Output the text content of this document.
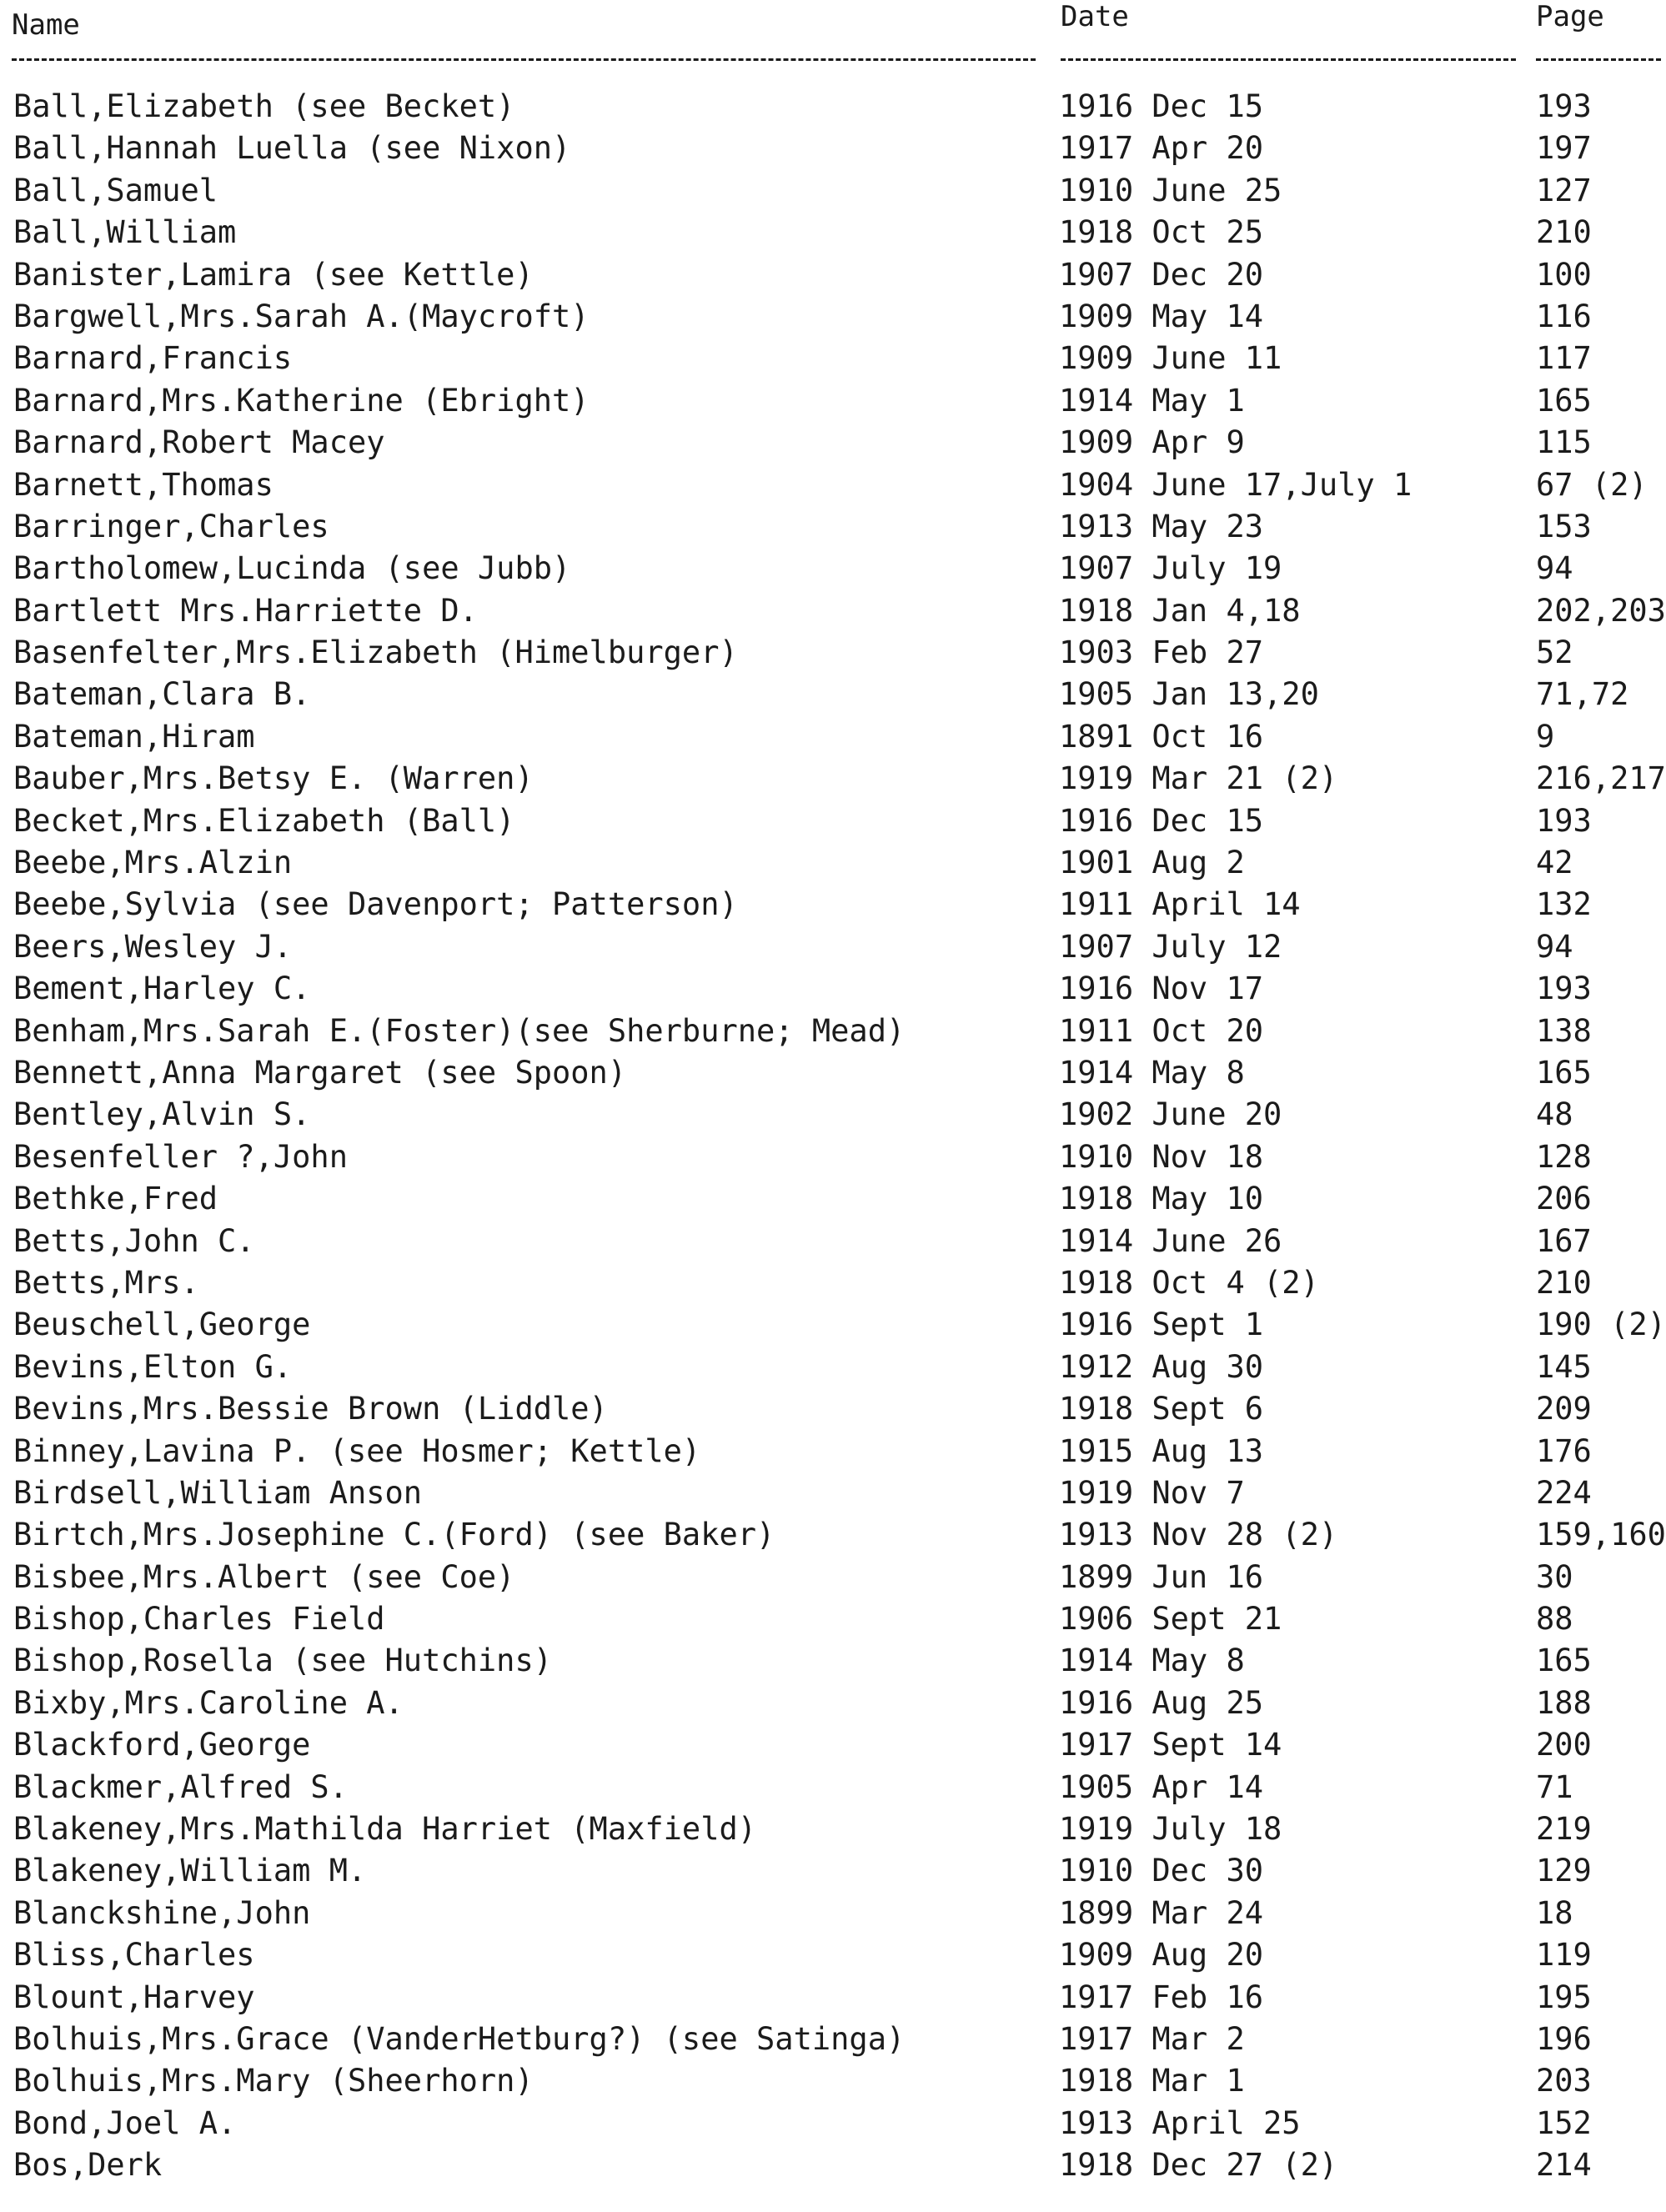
Name	Date	Page
Ball,Elizabeth (see Becket)	1916 Dec 15	193
Ball,Hannah Luella (see Nixon)	1917 Apr 20	197
Ball,Samuel	1910 June 25	127
Ball,William	1918 Oct 25	210
Banister,Lamira (see Kettle)	1907 Dec 20	100
Bargwell,Mrs.Sarah A.(Maycroft)	1909 May 14	116
Barnard,Francis	1909 June 11	117
Barnard,Mrs.Katherine (Ebright)	1914 May 1	165
Barnard,Robert Macey	1909 Apr 9	115
Barnett,Thomas	1904 June 17,July 1	67 (2)
Barringer,Charles	1913 May 23	153
Bartholomew,Lucinda (see Jubb)	1907 July 19	94
Bartlett Mrs.Harriette D.	1918 Jan 4,18	202,203
Basenfelter,Mrs.Elizabeth (Himelburger)	1903 Feb 27	52
Bateman,Clara B.	1905 Jan 13,20	71,72
Bateman,Hiram	1891 Oct 16	9
Bauber,Mrs.Betsy E. (Warren)	1919 Mar 21 (2)	216,217
Becket,Mrs.Elizabeth (Ball)	1916 Dec 15	193
Beebe,Mrs.Alzin	1901 Aug 2	42
Beebe,Sylvia (see Davenport; Patterson)	1911 April 14	132
Beers,Wesley J.	1907 July 12	94
Bement,Harley C.	1916 Nov 17	193
Benham,Mrs.Sarah E.(Foster)(see Sherburne; Mead)	1911 Oct 20	138
Bennett,Anna Margaret (see Spoon)	1914 May 8	165
Bentley,Alvin S.	1902 June 20	48
Besenfeller ?,John	1910 Nov 18	128
Bethke,Fred	1918 May 10	206
Betts,John C.	1914 June 26	167
Betts,Mrs.	1918 Oct 4 (2)	210
Beuschell,George	1916 Sept 1	190 (2)
Bevins,Elton G.	1912 Aug 30	145
Bevins,Mrs.Bessie Brown (Liddle)	1918 Sept 6	209
Binney,Lavina P. (see Hosmer; Kettle)	1915 Aug 13	176
Birdsell,William Anson	1919 Nov 7	224
Birtch,Mrs.Josephine C.(Ford) (see Baker)	1913 Nov 28 (2)	159,160
Bisbee,Mrs.Albert (see Coe)	1899 Jun 16	30
Bishop,Charles Field	1906 Sept 21	88
Bishop,Rosella (see Hutchins)	1914 May 8	165
Bixby,Mrs.Caroline A.	1916 Aug 25	188
Blackford,George	1917 Sept 14	200
Blackmer,Alfred S.	1905 Apr 14	71
Blakeney,Mrs.Mathilda Harriet (Maxfield)	1919 July 18	219
Blakeney,William M.	1910 Dec 30	129
Blanckshine,John	1899 Mar 24	18
Bliss,Charles	1909 Aug 20	119
Blount,Harvey	1917 Feb 16	195
Bolhuis,Mrs.Grace (VanderHetburg?) (see Satinga)	1917 Mar 2	196
Bolhuis,Mrs.Mary (Sheerhorn)	1918 Mar 1	203
Bond,Joel A.	1913 April 25	152
Bos,Derk	1918 Dec 27 (2)	214
